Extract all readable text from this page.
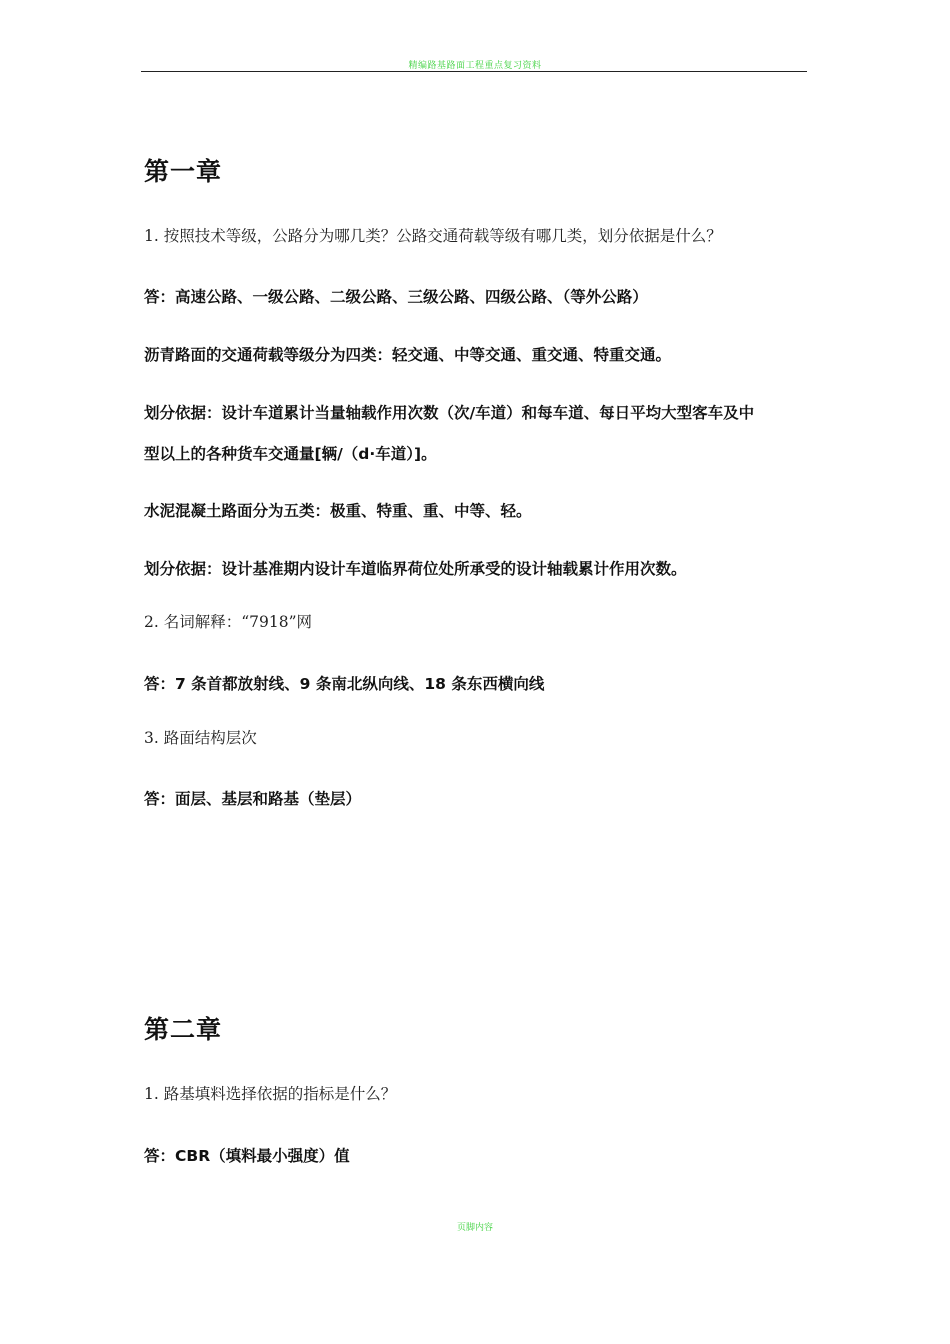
精编路基路面工程重点复习资料
第一章
1. 按照技术等级，公路分为哪几类？公路交通荷载等级有哪几类，划分依据是什么？
答：高速公路、一级公路、二级公路、三级公路、四级公路、（等外公路）
沥青路面的交通荷载等级分为四类：轻交通、中等交通、重交通、特重交通。
划分依据：设计车道累计当量轴载作用次数（次/车道）和每车道、每日平均大型客车及中
型以上的各种货车交通量[辆/（d·车道）]。
水泥混凝土路面分为五类：极重、特重、重、中等、轻。
划分依据：设计基准期内设计车道临界荷位处所承受的设计轴载累计作用次数。
2. 名词解释：“7918”网
答：7 条首都放射线、9 条南北纵向线、18 条东西横向线
3. 路面结构层次
答：面层、基层和路基（垫层）
第二章
1. 路基填料选择依据的指标是什么？
答：CBR（填料最小强度）值
页脚内容
